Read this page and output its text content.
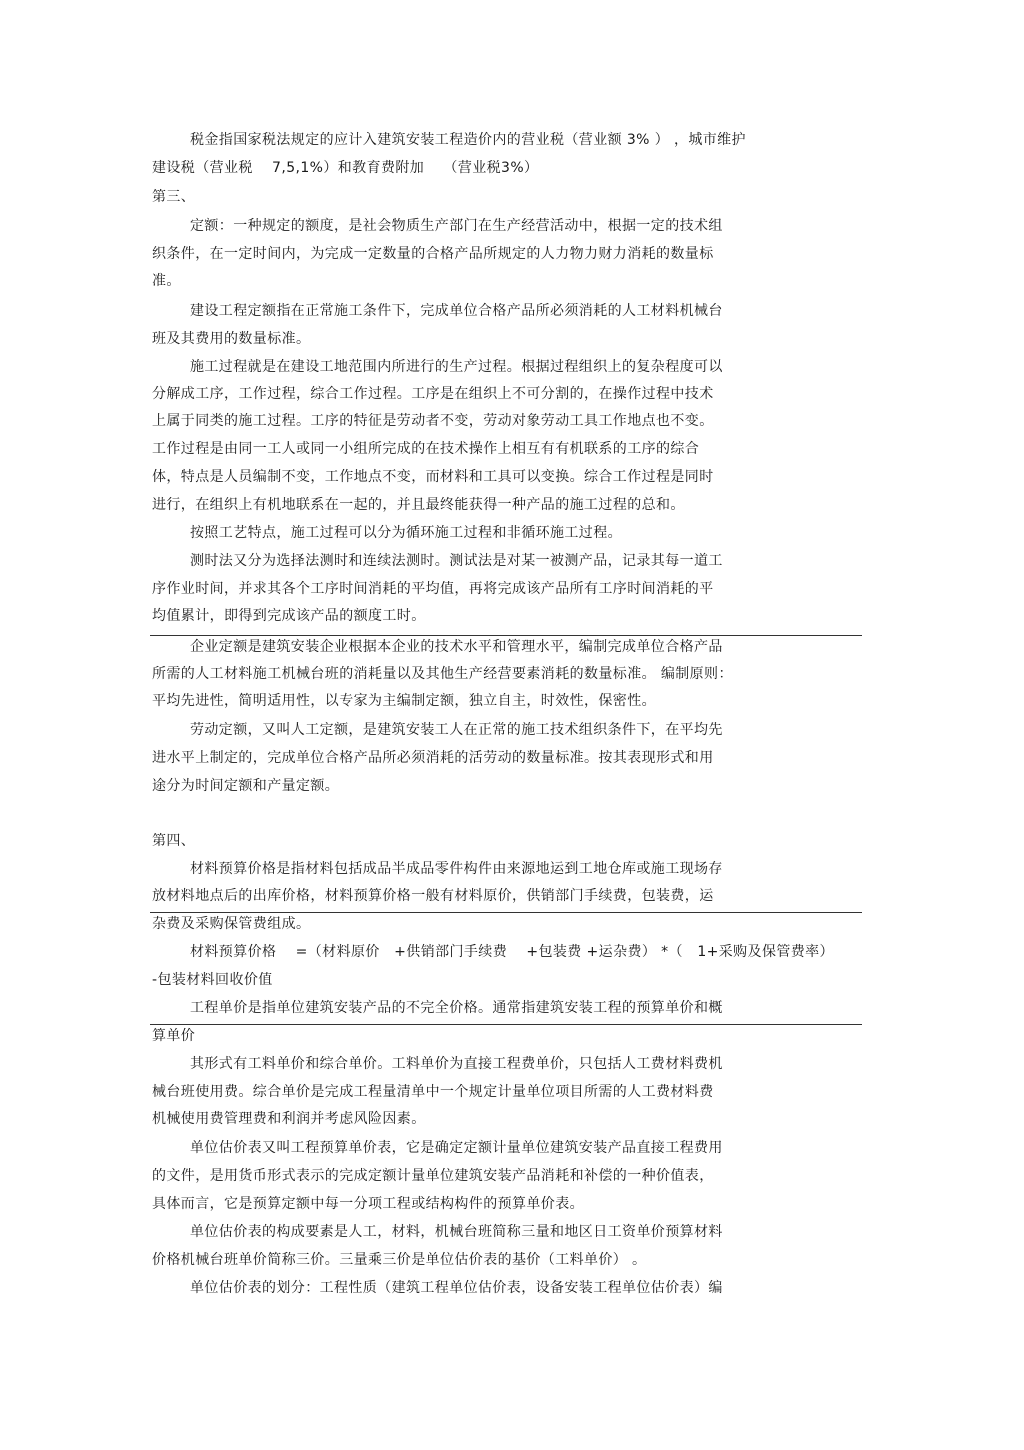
税金指国家税法规定的应计入建筑安装工程造价内的营业税（营业额 3% ） ，城市维护
建设税（营业税　 7,5,1%）和教育费附加　 （营业税3%）
第三、
定额：一种规定的额度，是社会物质生产部门在生产经营活动中，根据一定的技术组
织条件，在一定时间内，为完成一定数量的合格产品所规定的人力物力财力消耗的数量标
准。
建设工程定额指在正常施工条件下，完成单位合格产品所必须消耗的人工材料机械台
班及其费用的数量标准。
施工过程就是在建设工地范围内所进行的生产过程。根据过程组织上的复杂程度可以
分解成工序，工作过程，综合工作过程。工序是在组织上不可分割的，在操作过程中技术
上属于同类的施工过程。工序的特征是劳动者不变，劳动对象劳动工具工作地点也不变。
工作过程是由同一工人或同一小组所完成的在技术操作上相互有有机联系的工序的综合
体，特点是人员编制不变，工作地点不变，而材料和工具可以变换。综合工作过程是同时
进行，在组织上有机地联系在一起的，并且最终能获得一种产品的施工过程的总和。
按照工艺特点，施工过程可以分为循环施工过程和非循环施工过程。
测时法又分为选择法测时和连续法测时。测试法是对某一被测产品，记录其每一道工
序作业时间，并求其各个工序时间消耗的平均值，再将完成该产品所有工序时间消耗的平
均值累计，即得到完成该产品的额度工时。
企业定额是建筑安装企业根据本企业的技术水平和管理水平，编制完成单位合格产品
所需的人工材料施工机械台班的消耗量以及其他生产经营要素消耗的数量标准。 编制原则：
平均先进性，简明适用性，以专家为主编制定额，独立自主，时效性，保密性。
劳动定额，又叫人工定额，是建筑安装工人在正常的施工技术组织条件下，在平均先
进水平上制定的，完成单位合格产品所必须消耗的活劳动的数量标准。按其表现形式和用
途分为时间定额和产量定额。
第四、
材料预算价格是指材料包括成品半成品零件构件由来源地运到工地仓库或施工现场存
放材料地点后的出库价格，材料预算价格一般有材料原价，供销部门手续费，包装费，运
杂费及采购保管费组成。
材料预算价格　 =（材料原价　+供销部门手续费　 +包装费 +运杂费） *（　1+采购及保管费率）
-包装材料回收价值
工程单价是指单位建筑安装产品的不完全价格。通常指建筑安装工程的预算单价和概
算单价
其形式有工料单价和综合单价。工料单价为直接工程费单价，只包括人工费材料费机
械台班使用费。综合单价是完成工程量清单中一个规定计量单位项目所需的人工费材料费
机械使用费管理费和利润并考虑风险因素。
单位估价表又叫工程预算单价表，它是确定定额计量单位建筑安装产品直接工程费用
的文件，是用货币形式表示的完成定额计量单位建筑安装产品消耗和补偿的一种价值表，
具体而言，它是预算定额中每一分项工程或结构构件的预算单价表。
单位估价表的构成要素是人工，材料，机械台班简称三量和地区日工资单价预算材料
价格机械台班单价简称三价。三量乘三价是单位估价表的基价（工料单价） 。
单位估价表的划分：工程性质（建筑工程单位估价表，设备安装工程单位估价表）编
